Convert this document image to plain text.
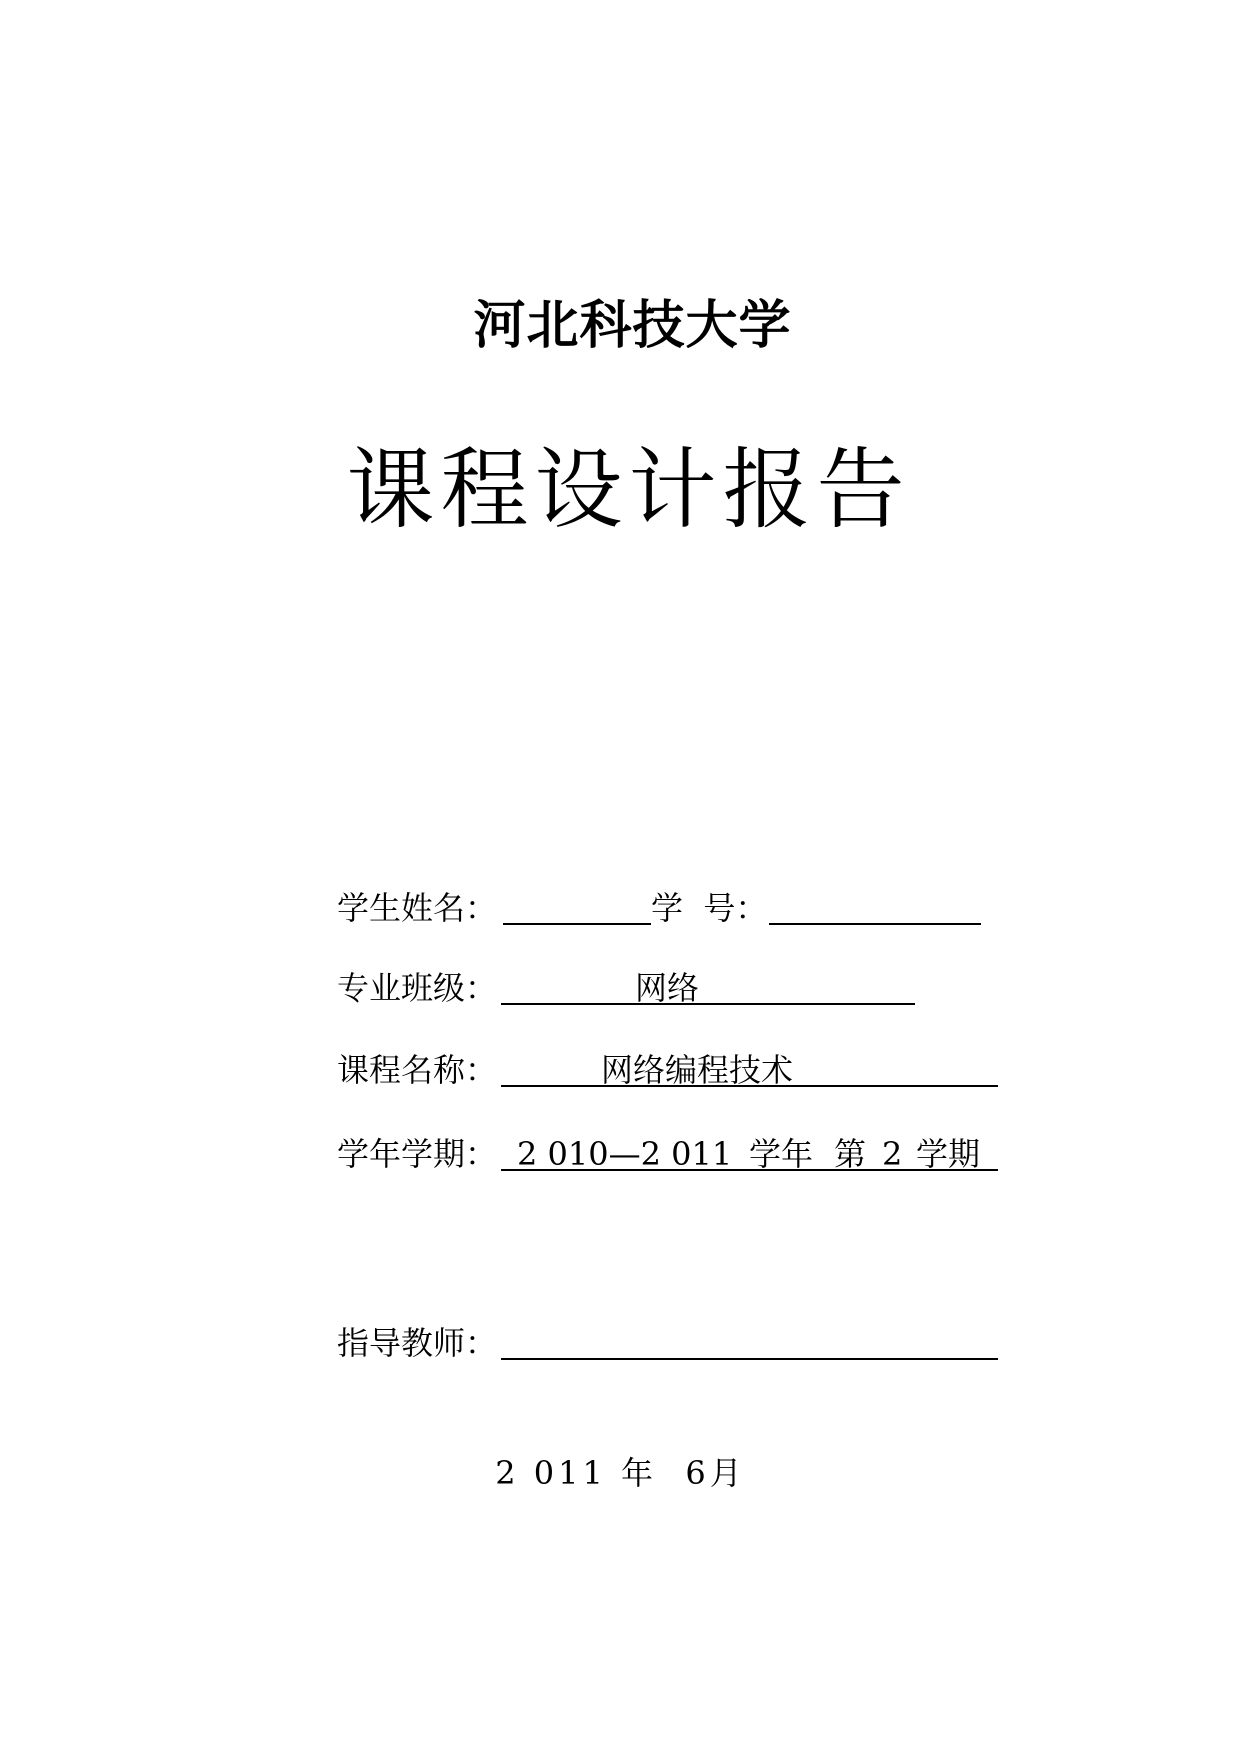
河北科技大学
课程设计报告
学生姓名：	学  号：
专业班级：	网络
课程名称：	网络编程技术
学年学期： 2 010—2 011 学年 第 2 学期
指导教师：
2 011 年  6月
